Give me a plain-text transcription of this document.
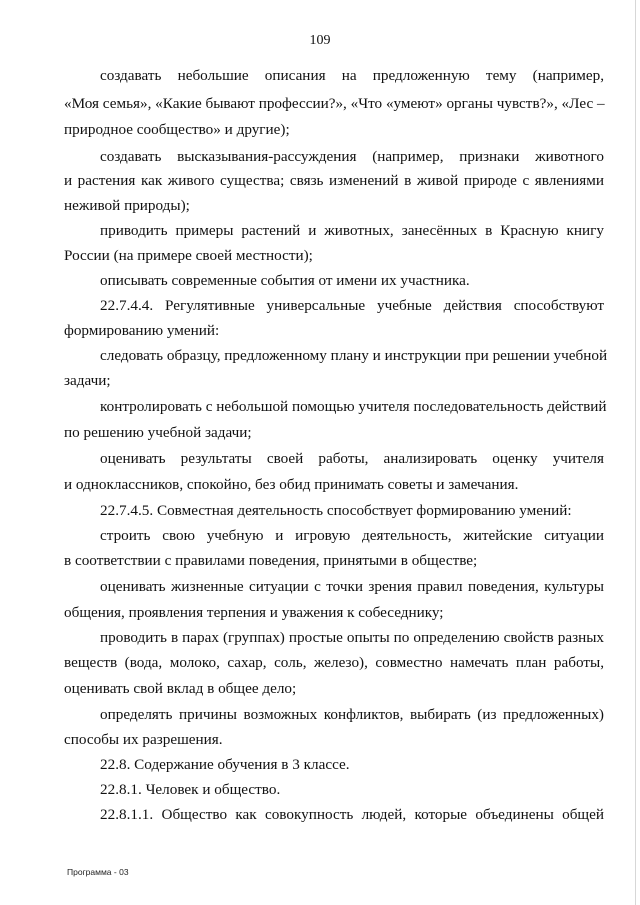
109
создавать небольшие описания на предложенную тему (например,
«Моя семья», «Какие бывают профессии?», «Что «умеют» органы чувств?», «Лес –
природное сообщество» и другие);
создавать высказывания-рассуждения (например, признаки животного
и растения как живого существа; связь изменений в живой природе с явлениями
неживой природы);
приводить примеры растений и животных, занесённых в Красную книгу
России (на примере своей местности);
описывать современные события от имени их участника.
22.7.4.4. Регулятивные универсальные учебные действия способствуют
формированию умений:
следовать образцу, предложенному плану и инструкции при решении учебной
задачи;
контролировать с небольшой помощью учителя последовательность действий
по решению учебной задачи;
оценивать результаты своей работы, анализировать оценку учителя
и одноклассников, спокойно, без обид принимать советы и замечания.
22.7.4.5. Совместная деятельность способствует формированию умений:
строить свою учебную и игровую деятельность, житейские ситуации
в соответствии с правилами поведения, принятыми в обществе;
оценивать жизненные ситуации с точки зрения правил поведения, культуры
общения, проявления терпения и уважения к собеседнику;
проводить в парах (группах) простые опыты по определению свойств разных
веществ (вода, молоко, сахар, соль, железо), совместно намечать план работы,
оценивать свой вклад в общее дело;
определять причины возможных конфликтов, выбирать (из предложенных)
способы их разрешения.
22.8. Содержание обучения в 3 классе.
22.8.1. Человек и общество.
22.8.1.1. Общество как совокупность людей, которые объединены общей
Программа - 03
